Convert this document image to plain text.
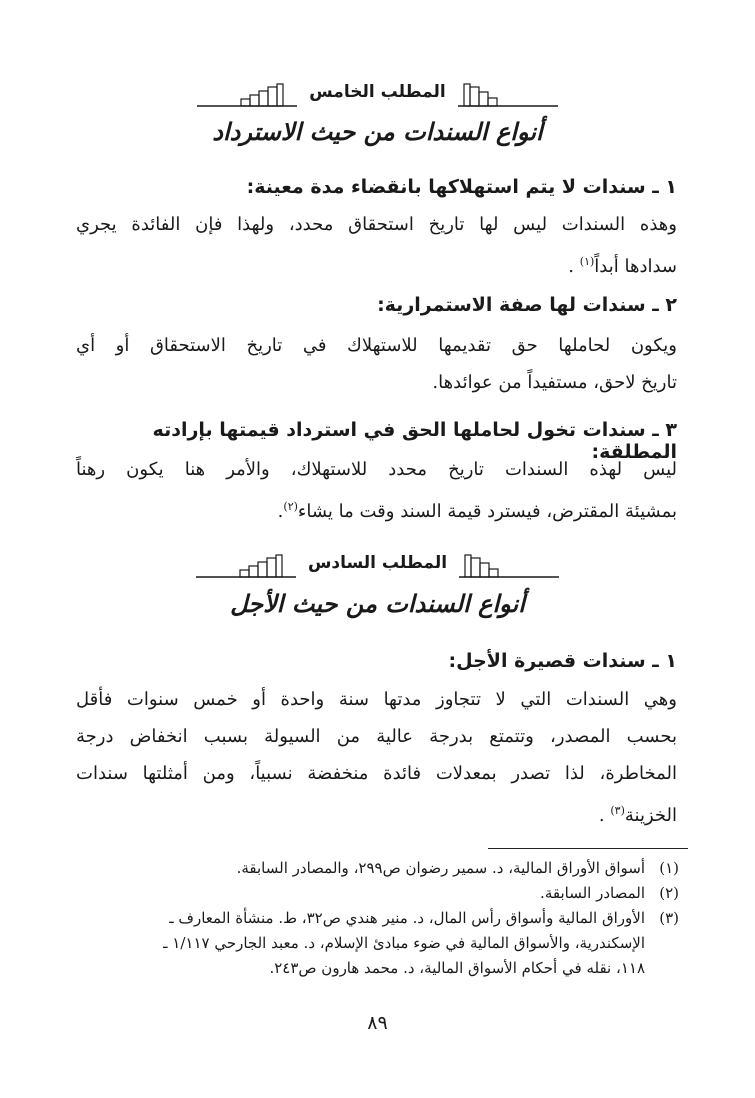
المطلب الخامس
أنواع السندات من حيث الاسترداد
١ ـ سندات لا يتم استهلاكها بانقضاء مدة معينة:
وهذه السندات ليس لها تاريخ استحقاق محدد، ولهذا فإن الفائدة يجري
سدادها أبداً$^{(١)}$ .
٢ ـ سندات لها صفة الاستمرارية:
ويكون لحاملها حق تقديمها للاستهلاك في تاريخ الاستحقاق أو أي
تاريخ لاحق، مستفيداً من عوائدها.
٣ ـ سندات تخول لحاملها الحق في استرداد قيمتها بإرادته المطلقة:
ليس لهذه السندات تاريخ محدد للاستهلاك، والأمر هنا يكون رهناً
بمشيئة المقترض، فيسترد قيمة السند وقت ما يشاء$^{(٢)}$.
المطلب السادس
أنواع السندات من حيث الأجل
١ ـ سندات قصيرة الأجل:
وهي السندات التي لا تتجاوز مدتها سنة واحدة أو خمس سنوات فأقل
بحسب المصدر، وتتمتع بدرجة عالية من السيولة بسبب انخفاض درجة
المخاطرة، لذا تصدر بمعدلات فائدة منخفضة نسبياً، ومن أمثلتها سندات
الخزينة$^{(٣)}$ .
(١)
أسواق الأوراق المالية، د. سمير رضوان ص٢٩٩، والمصادر السابقة.
(٢)
المصادر السابقة.
(٣)
الأوراق المالية وأسواق رأس المال، د. منير هندي ص٣٢، ط. منشأة المعارف ـ
الإسكندرية، والأسواق المالية في ضوء مبادئ الإسلام، د. معبد الجارحي ١/١١٧ ـ
١١٨، نقله في أحكام الأسواق المالية، د. محمد هارون ص٢٤٣.
٨٩
